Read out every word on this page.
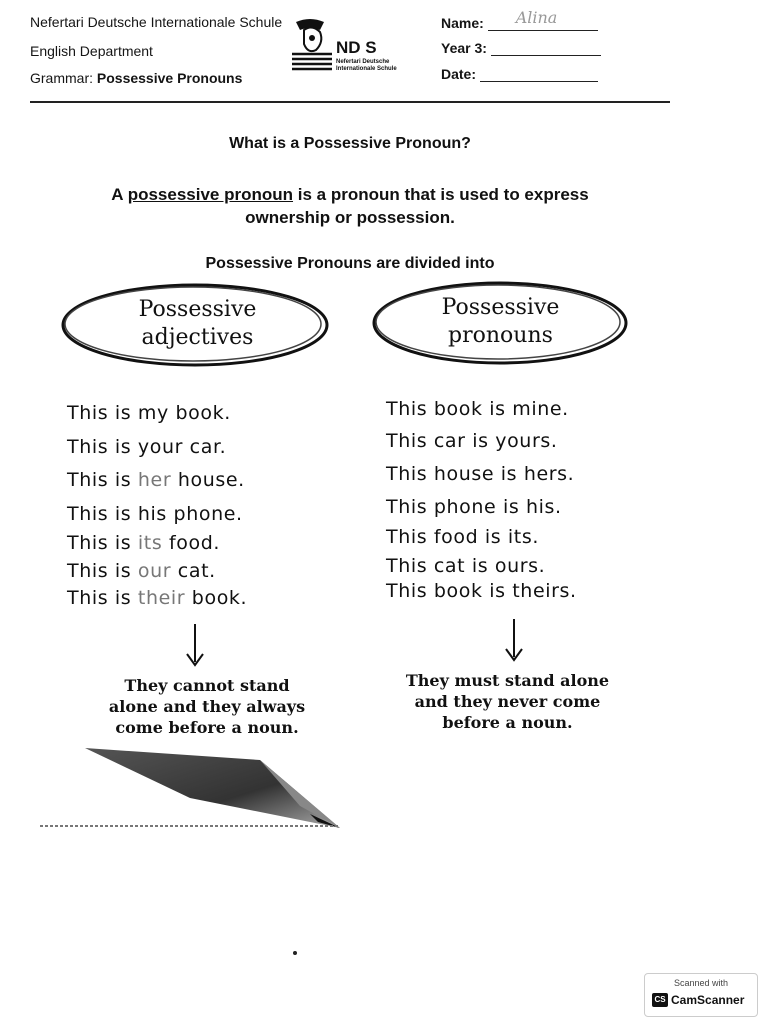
Nefertari Deutsche Internationale Schule
English Department
Grammar: Possessive Pronouns
ND S
Nefertari Deutsche Internationale Schule
Name: Alina
Year 3:
Date:
What is a Possessive Pronoun?
A possessive pronoun is a pronoun that is used to express
ownership or possession.
Possessive Pronouns are divided into
Possessive
adjectives
Possessive
pronouns
This is my book.
This is your car.
This is her house.
This is his phone.
This is its food.
This is our cat.
This is their book.
This book is mine.
This car is yours.
This house is hers.
This phone is his.
This food is its.
This cat is ours.
This book is theirs.
They cannot stand
alone and they always
come before a noun.
They must stand alone
and they never come
before a noun.
Scanned with
CS CamScanner
